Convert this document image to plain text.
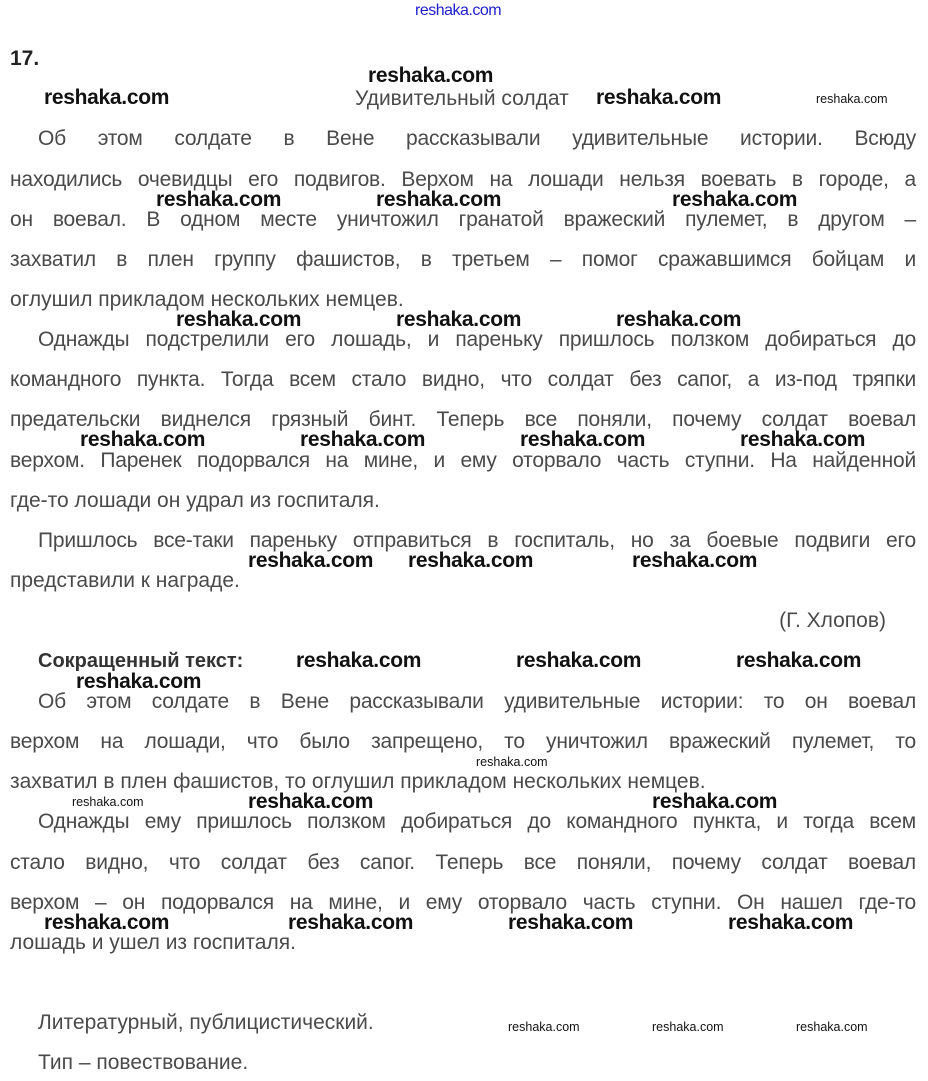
reshaka.com
17.
Удивительный солдат
Об этом солдате в Вене рассказывали удивительные истории. Всюду
находились очевидцы его подвигов. Верхом на лошади нельзя воевать в городе, а
он воевал. В одном месте уничтожил гранатой вражеский пулемет, в другом –
захватил в плен группу фашистов, в третьем – помог сражавшимся бойцам и
оглушил прикладом нескольких немцев.
Однажды подстрелили его лошадь, и пареньку пришлось ползком добираться до
командного пункта. Тогда всем стало видно, что солдат без сапог, а из-под тряпки
предательски виднелся грязный бинт. Теперь все поняли, почему солдат воевал
верхом. Паренек подорвался на мине, и ему оторвало часть ступни. На найденной
где-то лошади он удрал из госпиталя.
Пришлось все-таки пареньку отправиться в госпиталь, но за боевые подвиги его
представили к награде.
(Г. Хлопов)
Сокращенный текст:
Об этом солдате в Вене рассказывали удивительные истории: то он воевал
верхом на лошади, что было запрещено, то уничтожил вражеский пулемет, то
захватил в плен фашистов, то оглушил прикладом нескольких немцев.
Однажды ему пришлось ползком добираться до командного пункта, и тогда всем
стало видно, что солдат без сапог. Теперь все поняли, почему солдат воевал
верхом – он подорвался на мине, и ему оторвало часть ступни. Он нашел где-то
лошадь и ушел из госпиталя.
Литературный, публицистический.
Тип – повествование.
reshaka.com
reshaka.com
reshaka.com	reshaka.com
reshaka.com	reshaka.com	reshaka.com
reshaka.com	reshaka.com	reshaka.com
reshaka.com	reshaka.com	reshaka.com	reshaka.com
reshaka.com reshaka.com	reshaka.com
reshaka.com	reshaka.com	reshaka.com
reshaka.com
reshaka.com
reshaka.com	reshaka.com
reshaka.com
reshaka.com	reshaka.com	reshaka.com	reshaka.com
reshaka.com	reshaka.com	reshaka.com
